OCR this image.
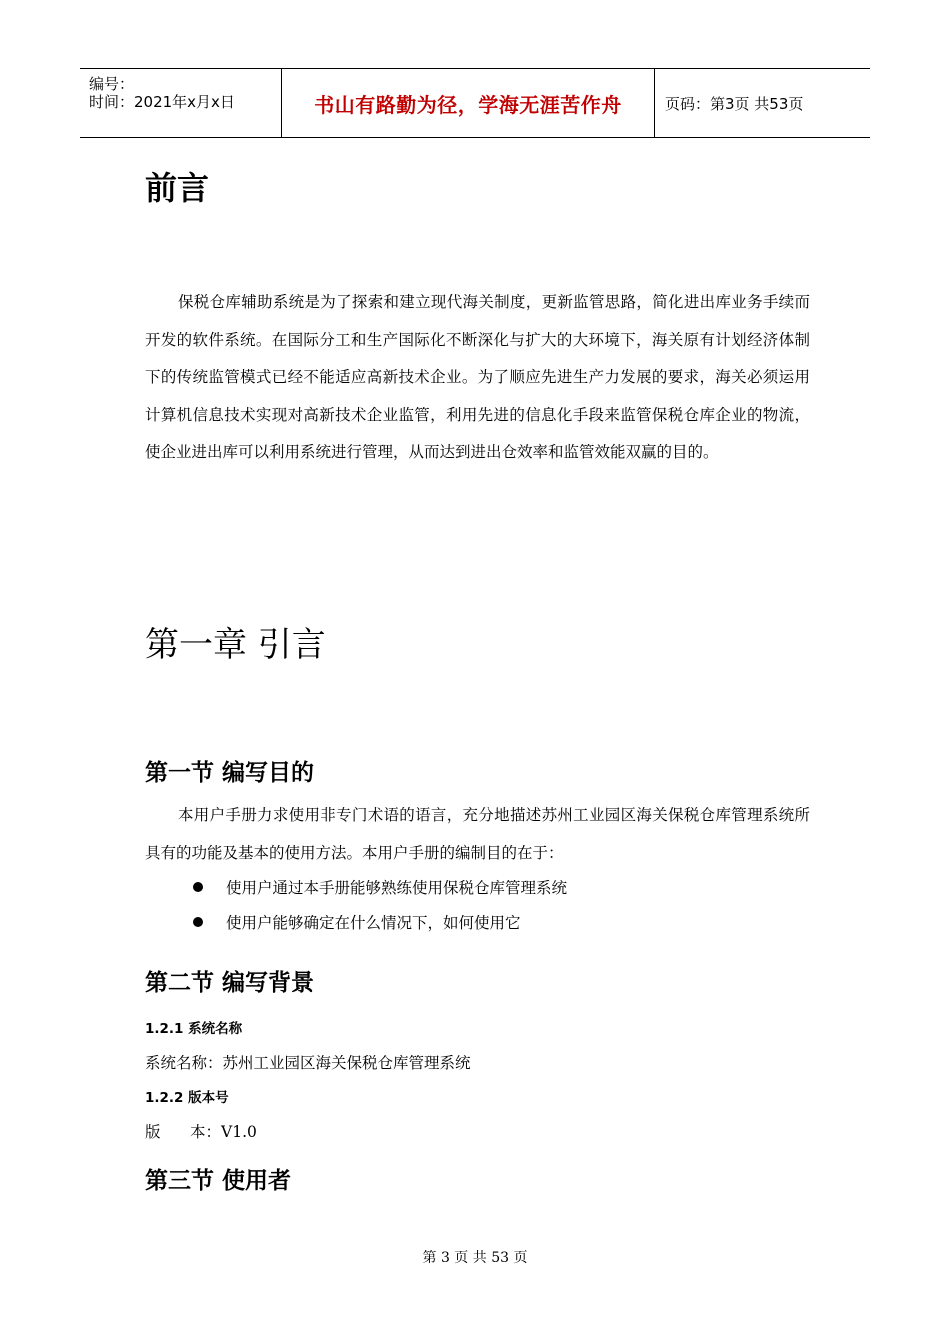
编号：
时间：2021年x月x日	书山有路勤为径，学海无涯苦作舟	页码：第3页 共53页
前言
保税仓库辅助系统是为了探索和建立现代海关制度，更新监管思路，简化进出库业务手续而开发的软件系统。在国际分工和生产国际化不断深化与扩大的大环境下，海关原有计划经济体制下的传统监管模式已经不能适应高新技术企业。为了顺应先进生产力发展的要求，海关必须运用计算机信息技术实现对高新技术企业监管，利用先进的信息化手段来监管保税仓库企业的物流，使企业进出库可以利用系统进行管理，从而达到进出仓效率和监管效能双赢的目的。
第一章 引言
第一节 编写目的
本用户手册力求使用非专门术语的语言，充分地描述苏州工业园区海关保税仓库管理系统所具有的功能及基本的使用方法。本用户手册的编制目的在于：
使用户通过本手册能够熟练使用保税仓库管理系统
使用户能够确定在什么情况下，如何使用它
第二节 编写背景
1.2.1 系统名称
系统名称：苏州工业园区海关保税仓库管理系统
1.2.2 版本号
版      本：V1.0
第三节 使用者
第 3 页 共 53 页
